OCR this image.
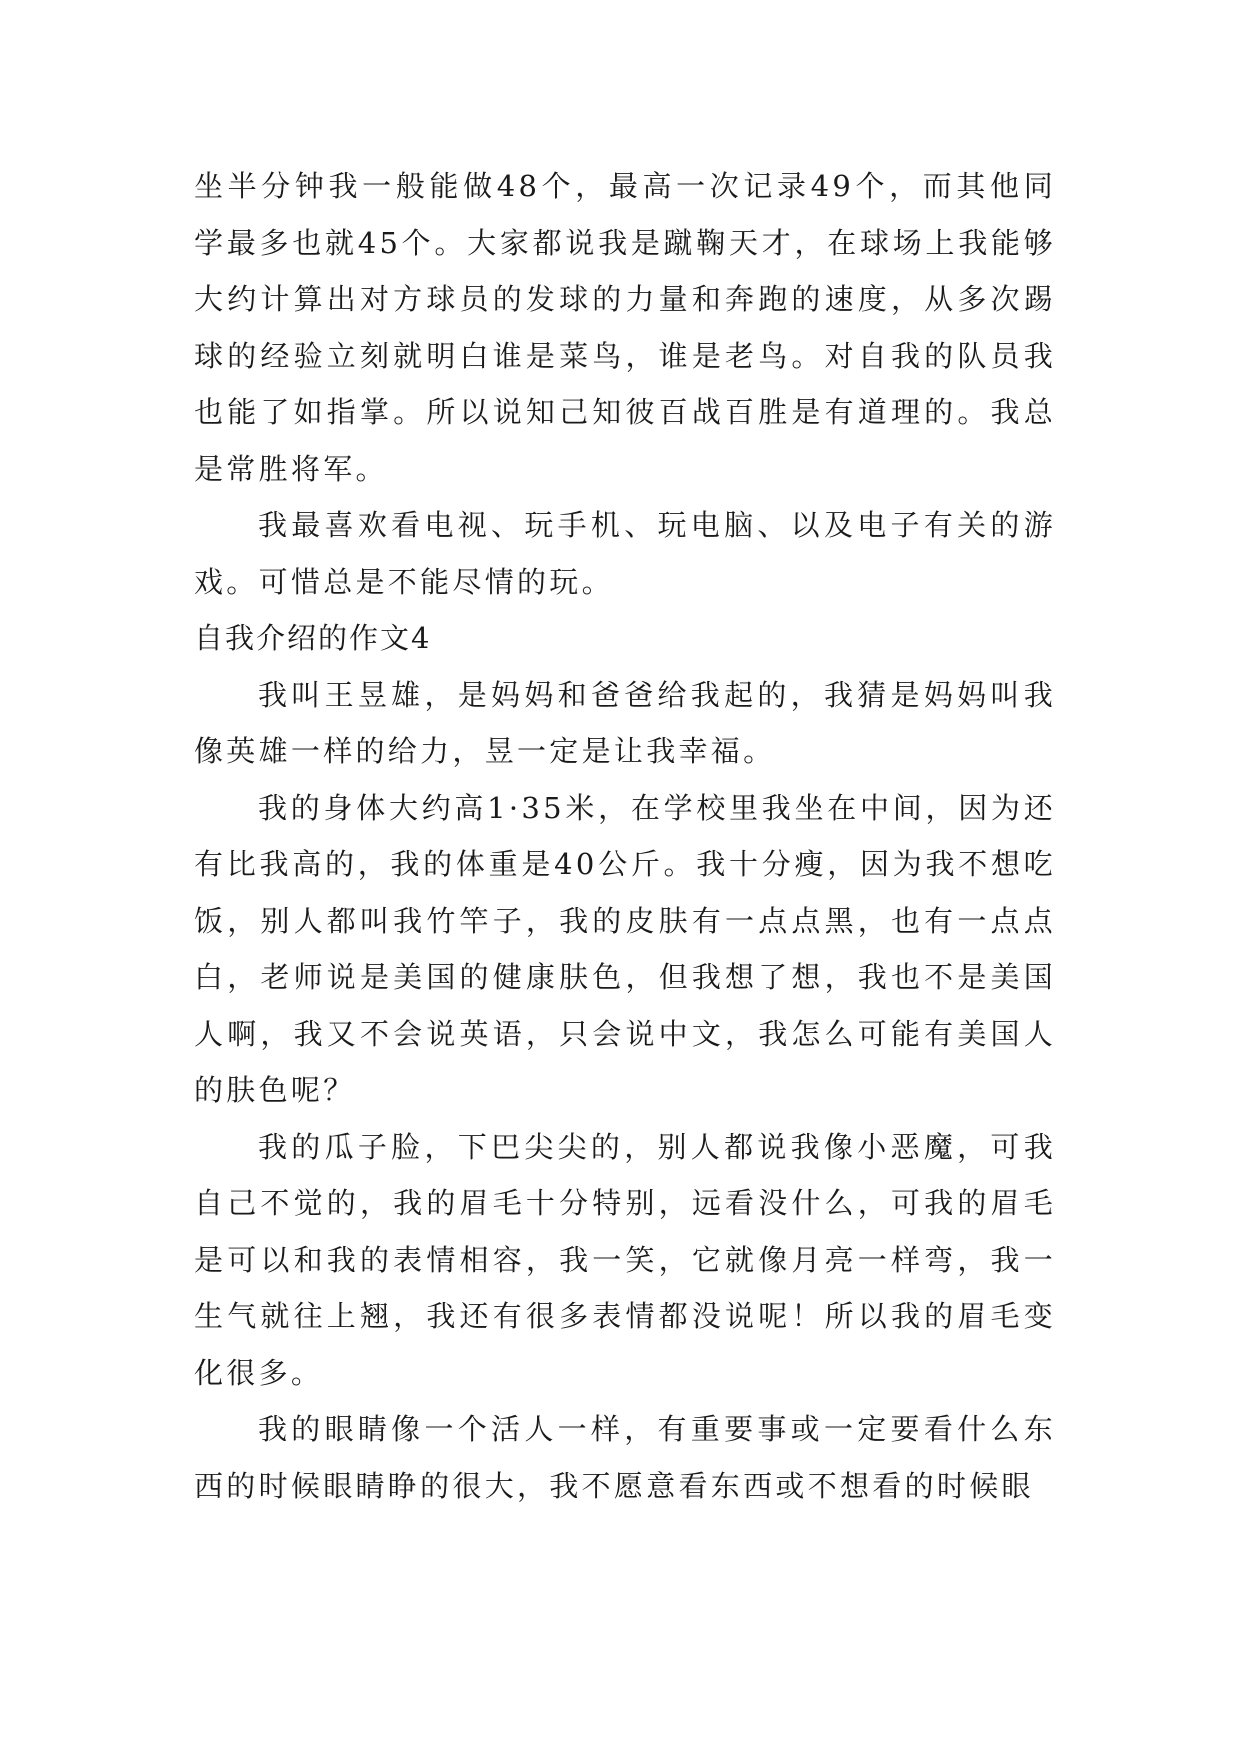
坐半分钟我一般能做48个，最高一次记录49个，而其他同学最多也就45个。大家都说我是蹴鞠天才，在球场上我能够大约计算出对方球员的发球的力量和奔跑的速度，从多次踢球的经验立刻就明白谁是菜鸟，谁是老鸟。对自我的队员我也能了如指掌。所以说知己知彼百战百胜是有道理的。我总是常胜将军。

我最喜欢看电视、玩手机、玩电脑、以及电子有关的游戏。可惜总是不能尽情的玩。

自我介绍的作文4

我叫王昱雄，是妈妈和爸爸给我起的，我猜是妈妈叫我像英雄一样的给力，昱一定是让我幸福。

我的身体大约高1·35米，在学校里我坐在中间，因为还有比我高的，我的体重是40公斤。我十分瘦，因为我不想吃饭，别人都叫我竹竿子，我的皮肤有一点点黑，也有一点点白，老师说是美国的健康肤色，但我想了想，我也不是美国人啊，我又不会说英语，只会说中文，我怎么可能有美国人的肤色呢？

我的瓜子脸，下巴尖尖的，别人都说我像小恶魔，可我自己不觉的，我的眉毛十分特别，远看没什么，可我的眉毛是可以和我的表情相容，我一笑，它就像月亮一样弯，我一生气就往上翘，我还有很多表情都没说呢！所以我的眉毛变化很多。

我的眼睛像一个活人一样，有重要事或一定要看什么东西的时候眼睛睁的很大，我不愿意看东西或不想看的时候眼
